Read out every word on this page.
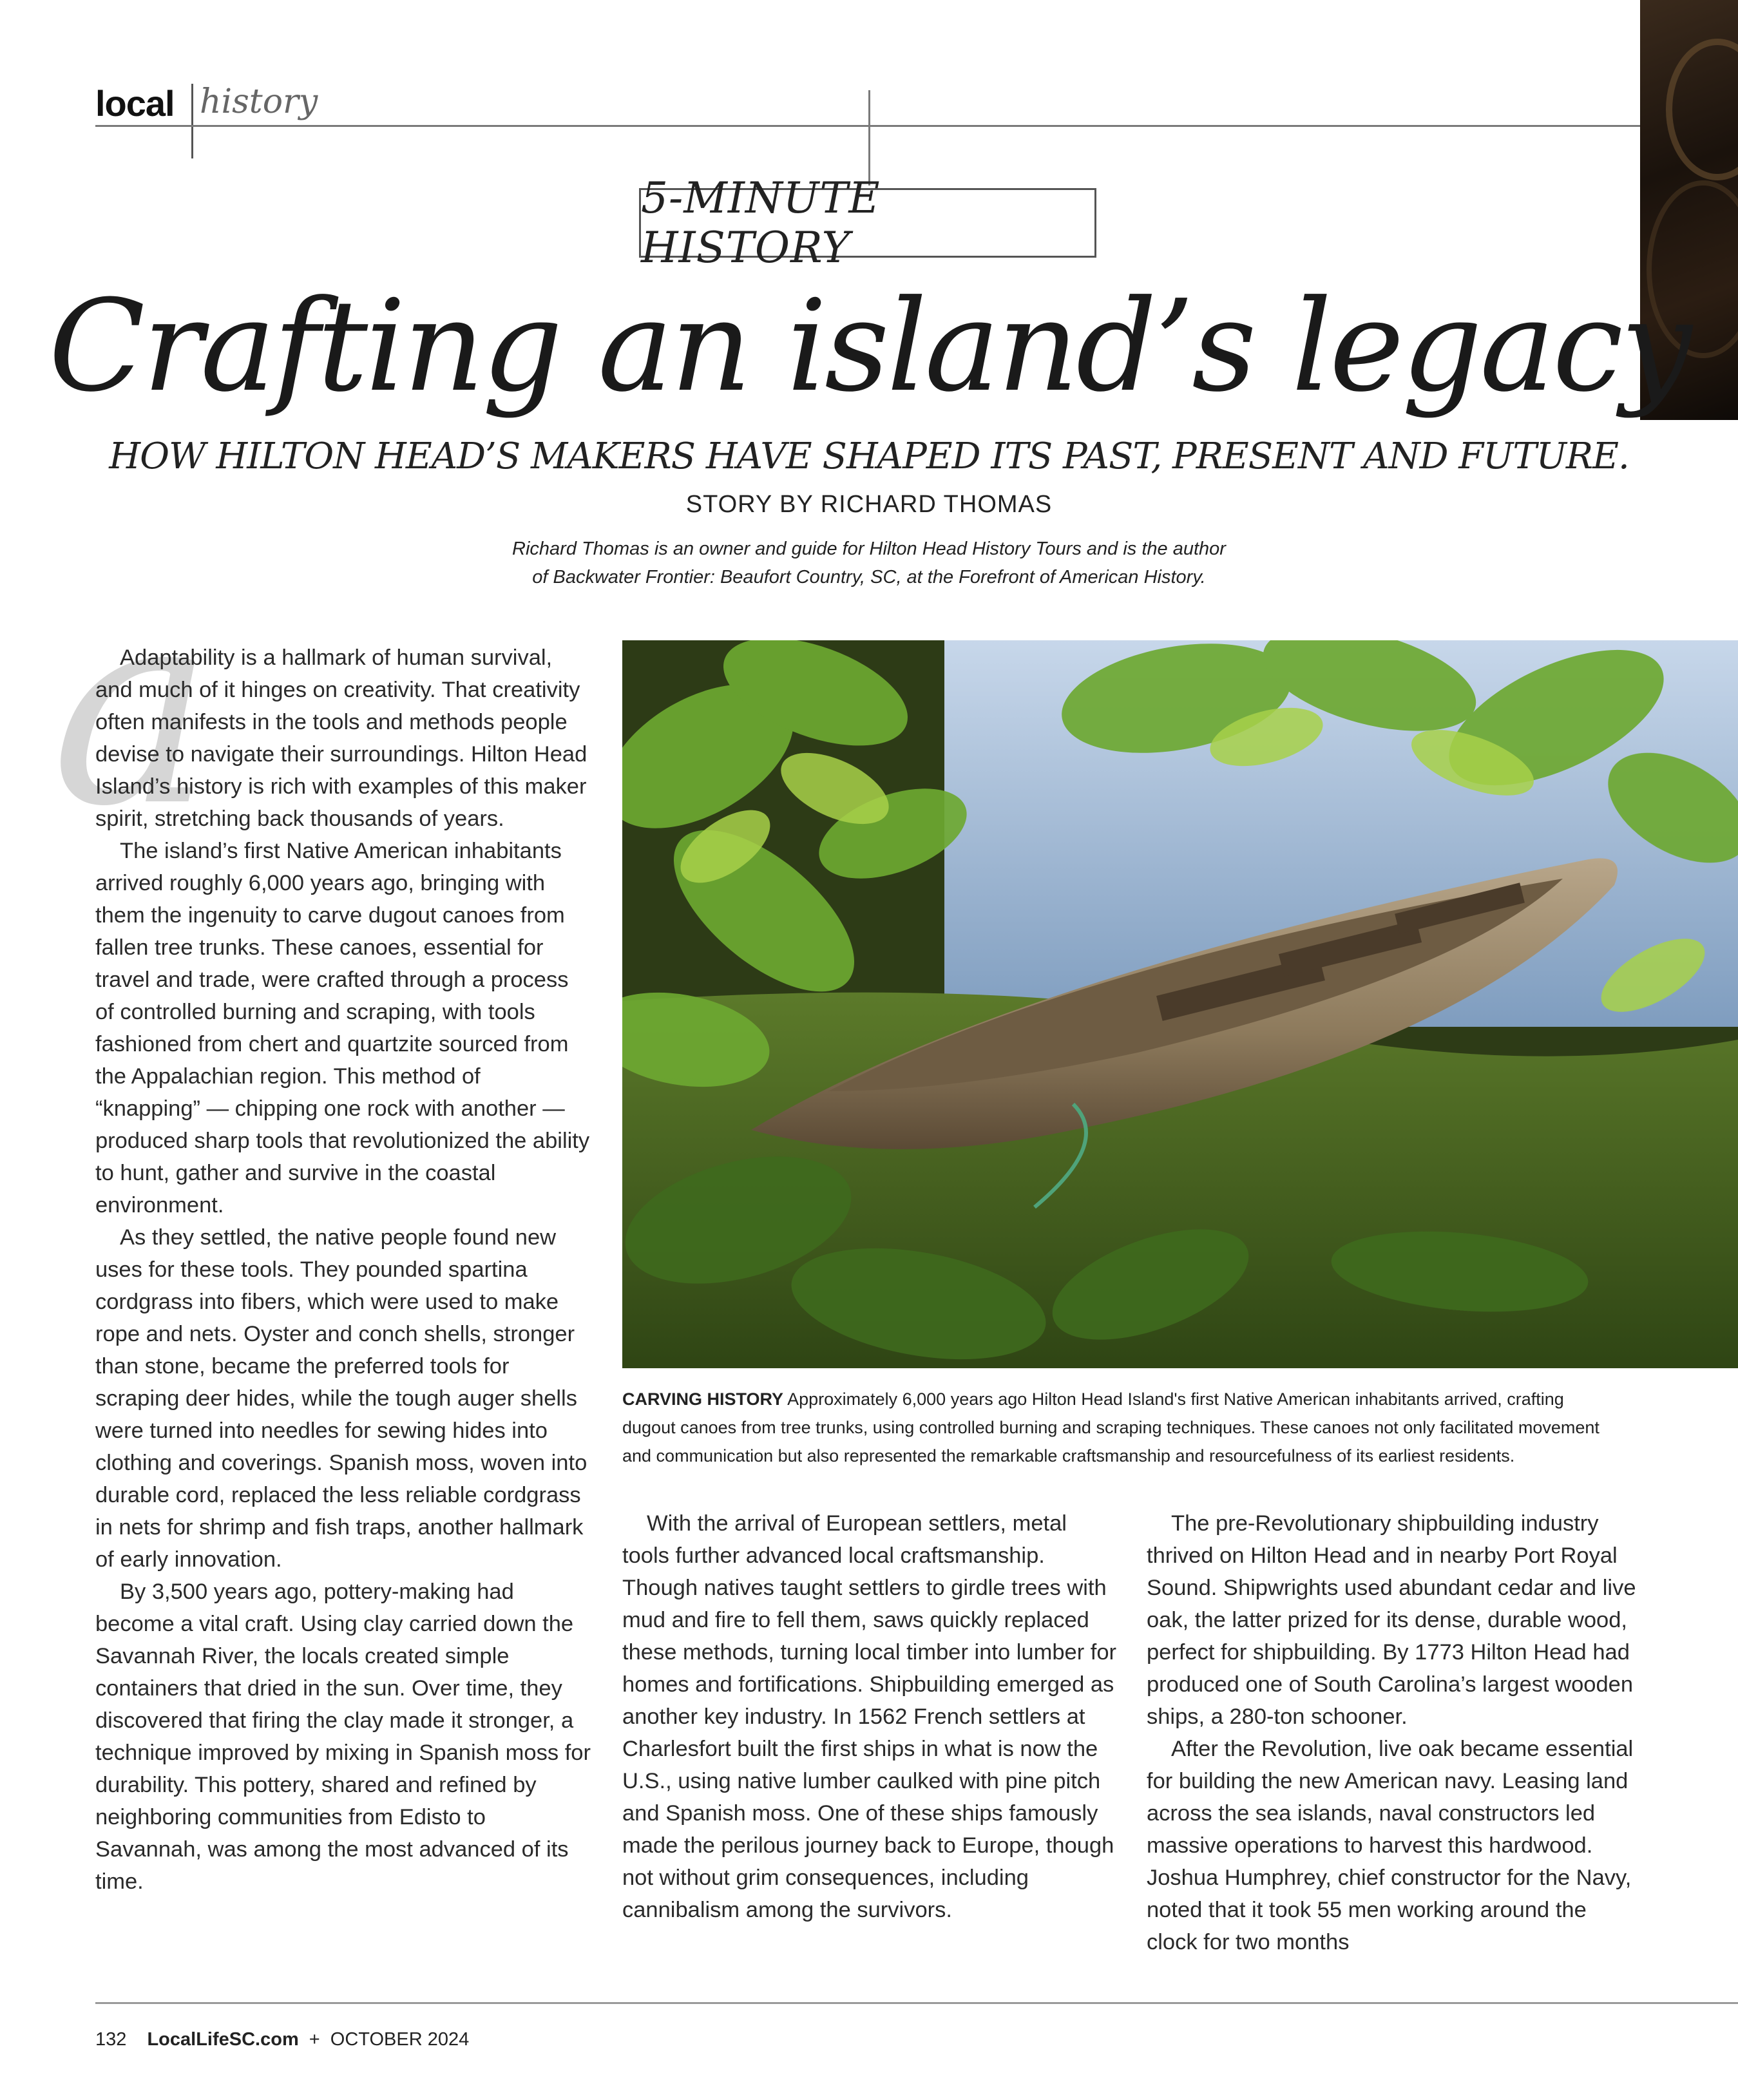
local history
5-MINUTE HISTORY
Crafting an island’s legacy
HOW HILTON HEAD’S MAKERS HAVE SHAPED ITS PAST, PRESENT AND FUTURE.
STORY BY RICHARD THOMAS
Richard Thomas is an owner and guide for Hilton Head History Tours and is the author
of Backwater Frontier: Beaufort Country, SC, at the Forefront of American History.
a

Adaptability is a hallmark of human survival, and much of it hinges on creativity. That creativity often manifests in the tools and methods people devise to navigate their surroundings. Hilton Head Island’s history is rich with examples of this maker spirit, stretching back thousands of years.

The island’s first Native American inhabitants arrived roughly 6,000 years ago, bringing with them the ingenuity to carve dugout canoes from fallen tree trunks. These canoes, essential for travel and trade, were crafted through a process of controlled burning and scraping, with tools fashioned from chert and quartzite sourced from the Appalachian region. This method of “knapping” — chipping one rock with another — produced sharp tools that revolutionized the ability to hunt, gather and survive in the coastal environment.

As they settled, the native people found new uses for these tools. They pounded spartina cordgrass into fibers, which were used to make rope and nets. Oyster and conch shells, stronger than stone, became the preferred tools for scraping deer hides, while the tough auger shells were turned into needles for sewing hides into clothing and coverings. Spanish moss, woven into durable cord, replaced the less reliable cordgrass in nets for shrimp and fish traps, another hallmark of early innovation.

By 3,500 years ago, pottery-making had become a vital craft. Using clay carried down the Savannah River, the locals created simple containers that dried in the sun. Over time, they discovered that firing the clay made it stronger, a technique improved by mixing in Spanish moss for durability. This pottery, shared and refined by neighboring communities from Edisto to Savannah, was among the most advanced of its time.

CARVING HISTORY Approximately 6,000 years ago Hilton Head Island's first Native American inhabitants arrived, crafting dugout canoes from tree trunks, using controlled burning and scraping techniques. These canoes not only facilitated movement and communication but also represented the remarkable craftsmanship and resourcefulness of its earliest residents.

With the arrival of European settlers, metal tools further advanced local craftsmanship. Though natives taught settlers to girdle trees with mud and fire to fell them, saws quickly replaced these methods, turning local timber into lumber for homes and fortifications. Shipbuilding emerged as another key industry. In 1562 French settlers at Charlesfort built the first ships in what is now the U.S., using native lumber caulked with pine pitch and Spanish moss. One of these ships famously made the perilous journey back to Europe, though not without grim consequences, including cannibalism among the survivors.

The pre-Revolutionary shipbuilding industry thrived on Hilton Head and in nearby Port Royal Sound. Shipwrights used abundant cedar and live oak, the latter prized for its dense, durable wood, perfect for shipbuilding. By 1773 Hilton Head had produced one of South Carolina’s largest wooden ships, a 280-ton schooner.

After the Revolution, live oak became essential for building the new American navy. Leasing land across the sea islands, naval constructors led massive operations to harvest this hardwood. Joshua Humphrey, chief constructor for the Navy, noted that it took 55 men working around the clock for two months

132 LocalLifeSC.com + OCTOBER 2024
